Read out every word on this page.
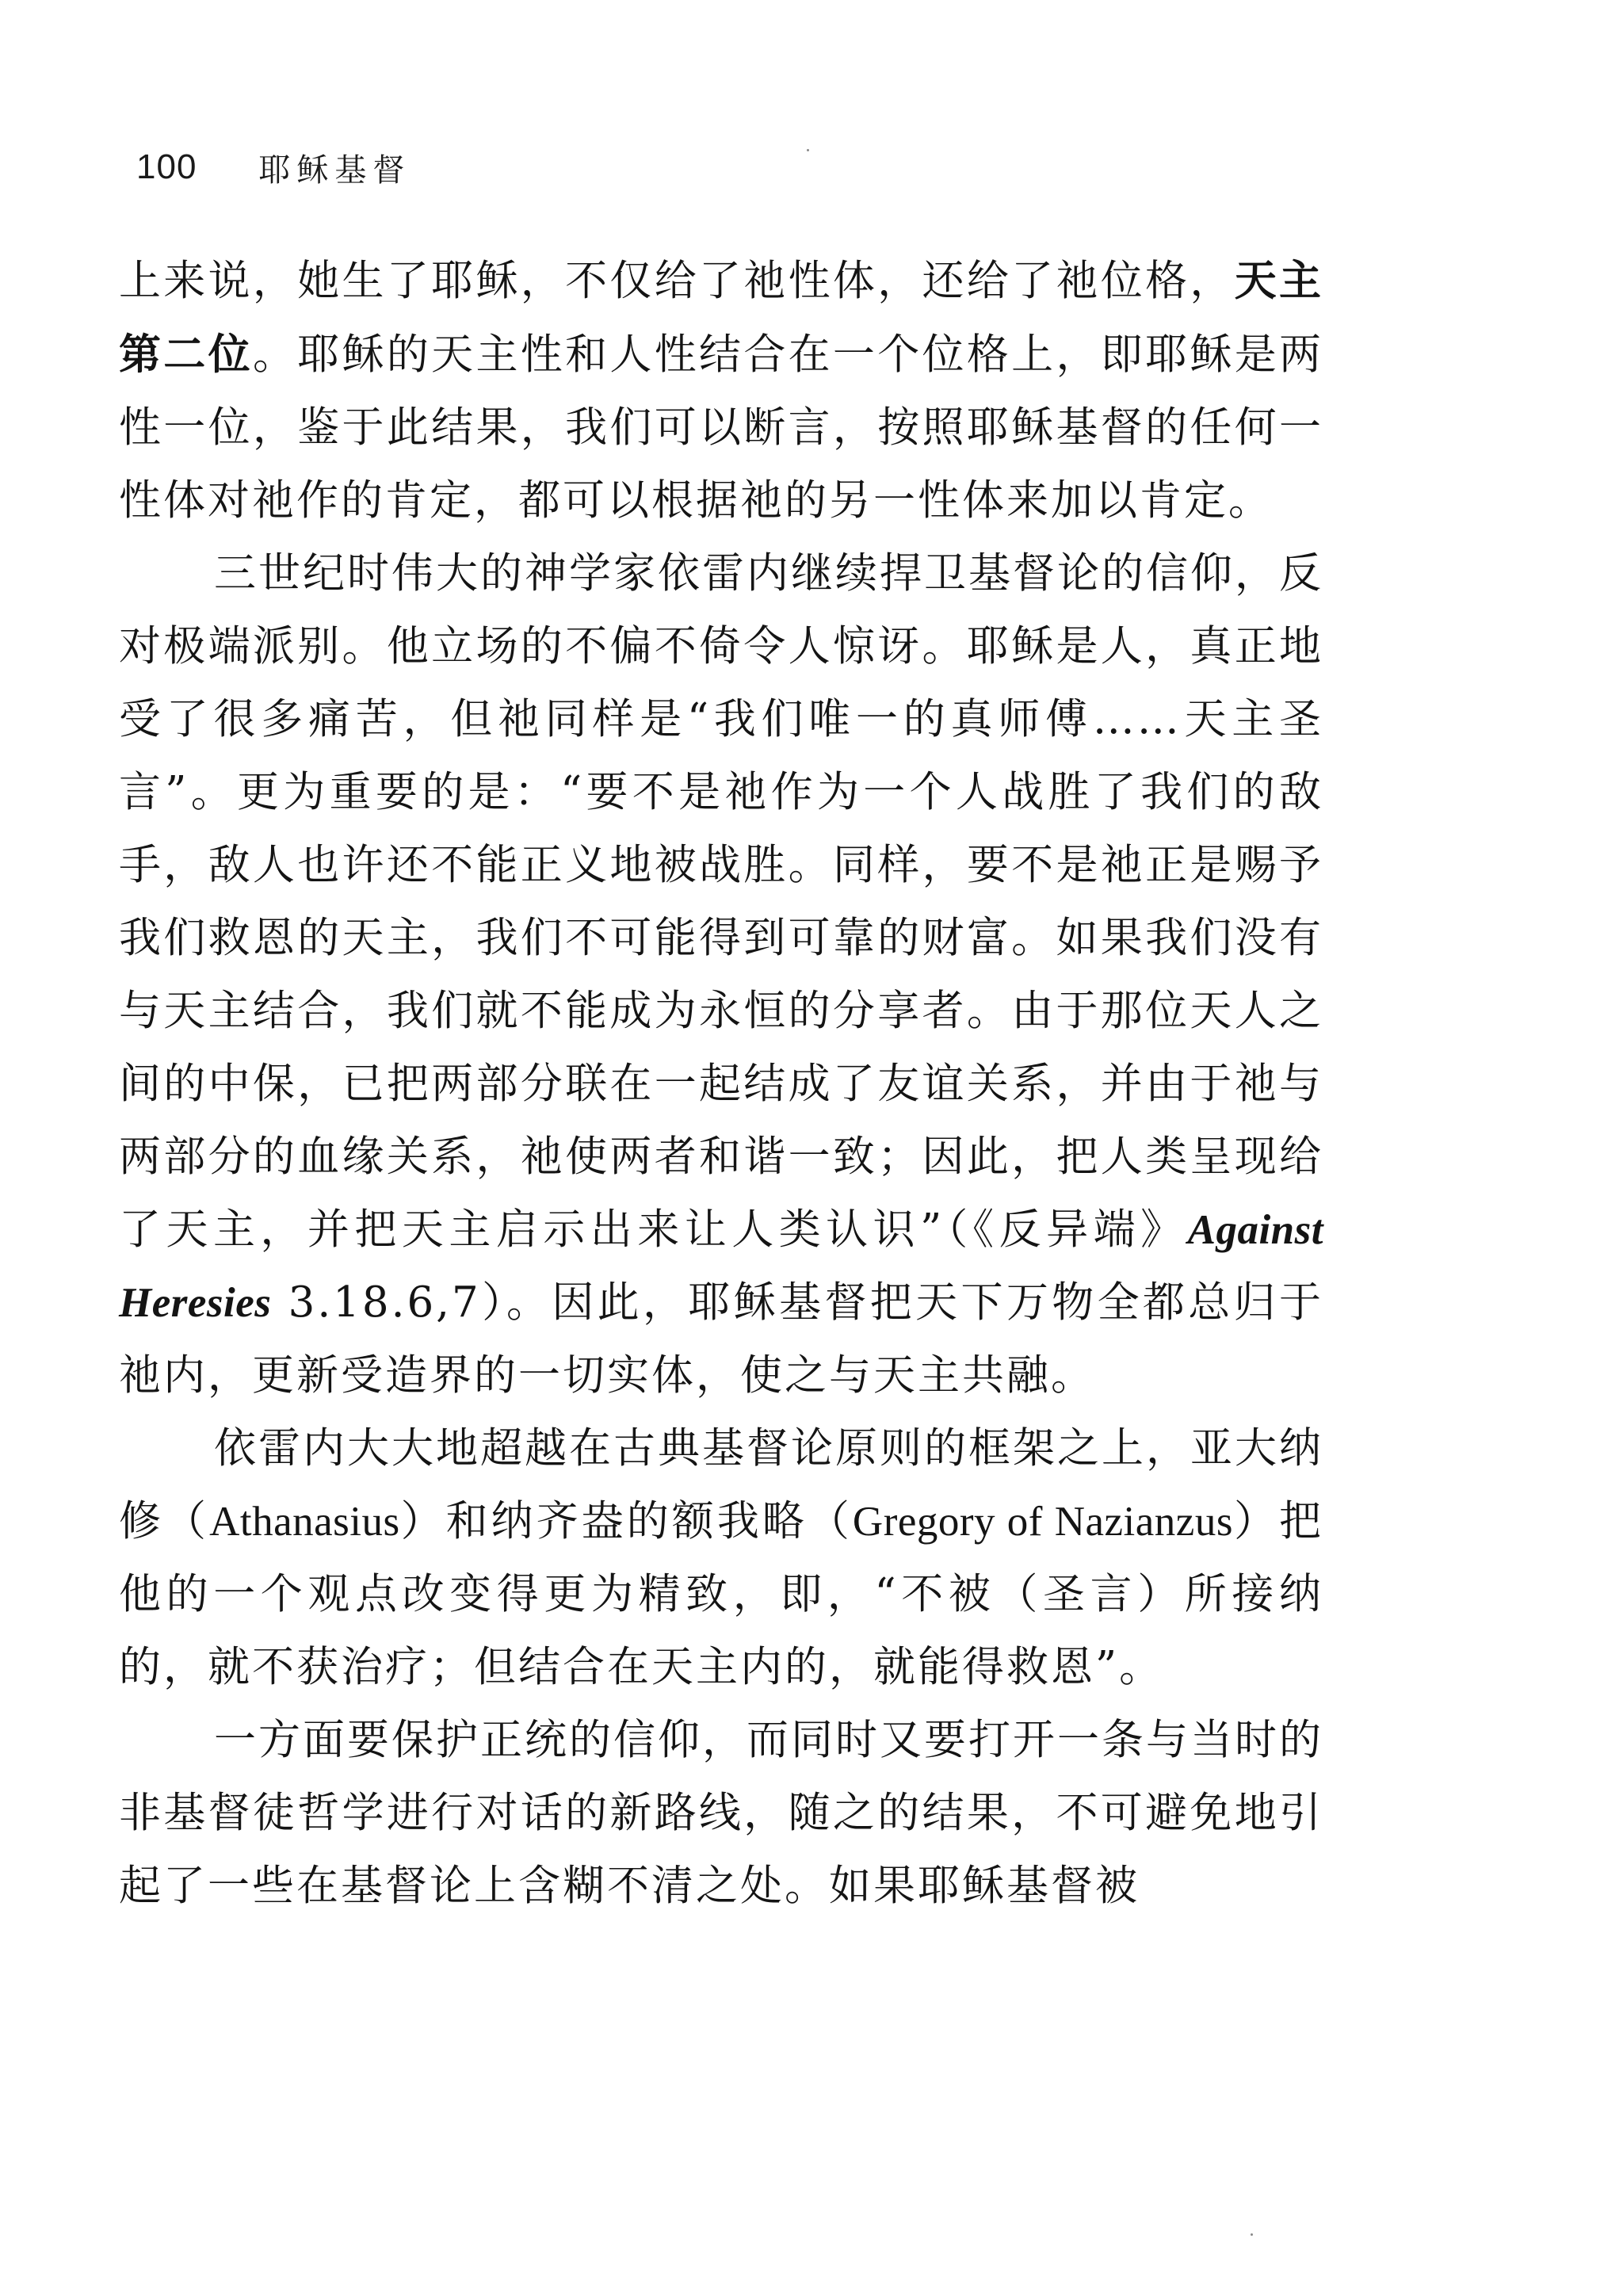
100 耶稣基督

上来说，她生了耶稣，不仅给了祂性体，还给了祂位格，天主第二位。耶稣的天主性和人性结合在一个位格上，即耶稣是两性一位，鉴于此结果，我们可以断言，按照耶稣基督的任何一性体对祂作的肯定，都可以根据祂的另一性体来加以肯定。

三世纪时伟大的神学家依雷内继续捍卫基督论的信仰，反对极端派别。他立场的不偏不倚令人惊讶。耶稣是人，真正地受了很多痛苦，但祂同样是“我们唯一的真师傅……天主圣言”。更为重要的是：“要不是祂作为一个人战胜了我们的敌手，敌人也许还不能正义地被战胜。同样，要不是祂正是赐予我们救恩的天主，我们不可能得到可靠的财富。如果我们没有与天主结合，我们就不能成为永恒的分享者。由于那位天人之间的中保，已把两部分联在一起结成了友谊关系，并由于祂与两部分的血缘关系，祂使两者和谐一致；因此，把人类呈现给了天主，并把天主启示出来让人类认识”（《反异端》Against Heresies 3.18.6,7）。因此，耶稣基督把天下万物全都总归于祂内，更新受造界的一切实体，使之与天主共融。

依雷内大大地超越在古典基督论原则的框架之上，亚大纳修（Athanasius）和纳齐盎的额我略（Gregory of Nazianzus）把他的一个观点改变得更为精致，即，“不被（圣言）所接纳的，就不获治疗；但结合在天主内的，就能得救恩”。

一方面要保护正统的信仰，而同时又要打开一条与当时的非基督徒哲学进行对话的新路线，随之的结果，不可避免地引起了一些在基督论上含糊不清之处。如果耶稣基督被
